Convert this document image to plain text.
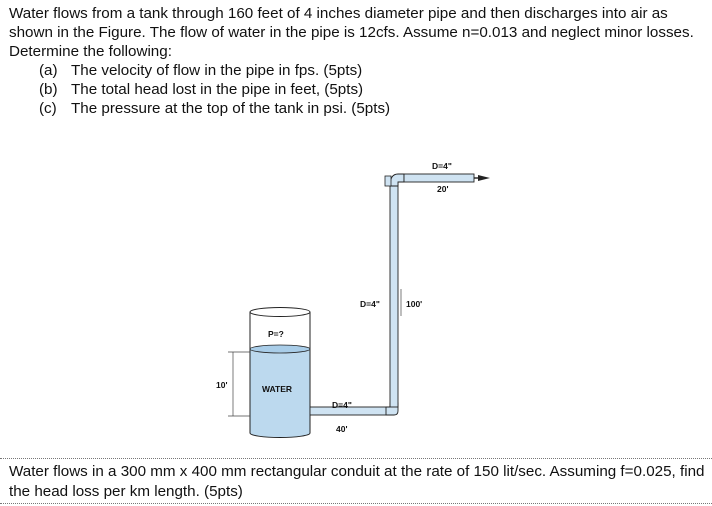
Water flows from a tank through 160 feet of 4 inches diameter pipe and then discharges into air as shown in the Figure. The flow of water in the pipe is 12cfs. Assume n=0.013 and neglect minor losses. Determine the following:

(a) The velocity of flow in the pipe in fps. (5pts)
(b) The total head lost in the pipe in feet, (5pts)
(c) The pressure at the top of the tank in psi. (5pts)
D=4"
20'
D=4"	100'
P=?
WATER
10'
D=4"
40'

Water flows in a 300 mm x 400 mm rectangular conduit at the rate of 150 lit/sec. Assuming f=0.025, find the head loss per km length. (5pts)
